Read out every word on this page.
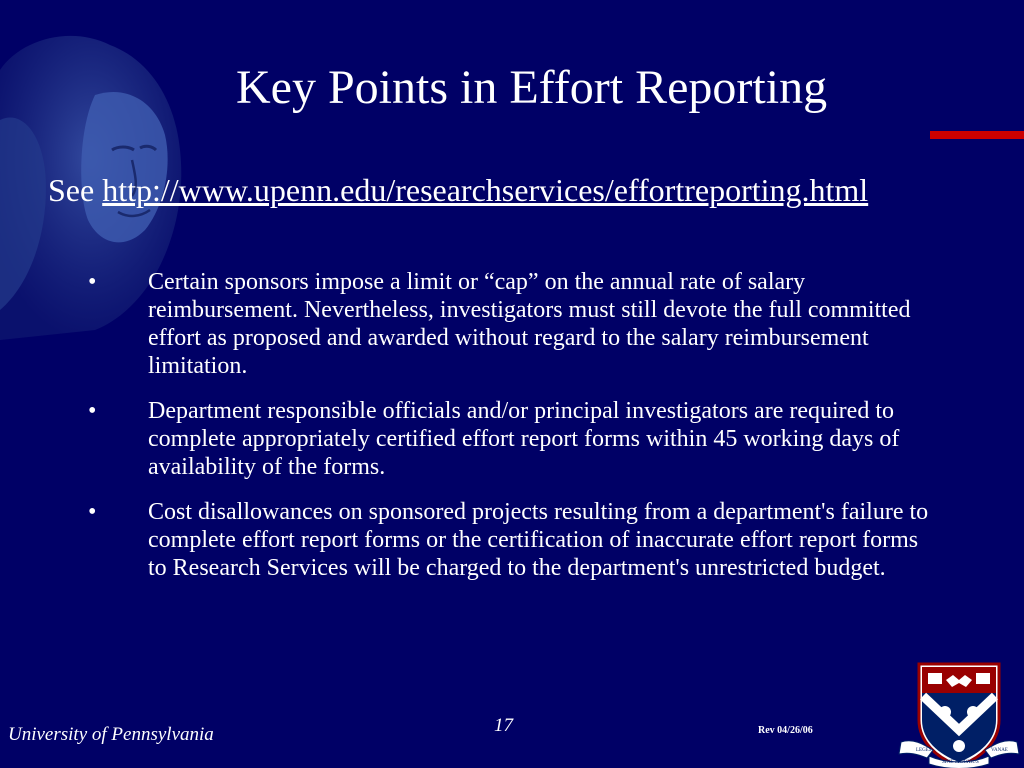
Key Points in Effort Reporting
See http://www.upenn.edu/researchservices/effortreporting.html
• Certain sponsors impose a limit or “cap” on the annual rate of salary reimbursement. Nevertheless, investigators must still devote the full committed effort as proposed and awarded without regard to the salary reimbursement limitation.
• Department responsible officials and/or principal investigators are required to complete appropriately certified effort report forms within 45 working days of availability of the forms.
• Cost disallowances on sponsored projects resulting from a department's failure to complete effort report forms or the certification of inaccurate effort report forms to Research Services will be charged to the department's unrestricted budget.
University of Pennsylvania	17	Rev 04/26/06
LEGES	VANAE
SINE MORIBUS
